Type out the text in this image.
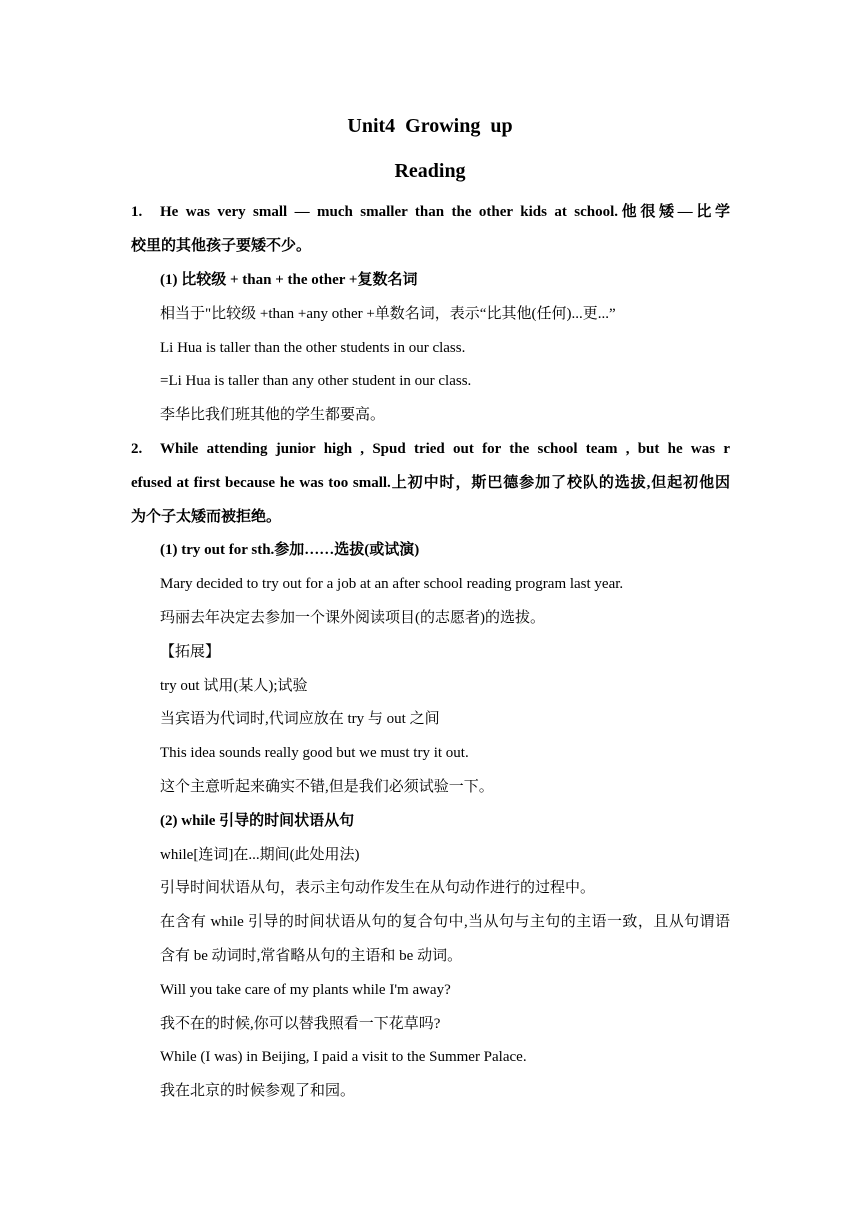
Unit4  Growing  up
Reading
1. He was very small — much smaller than the other kids at school.他很矮—比学
校里的其他孩子要矮不少。
(1) 比较级 + than + the other +复数名词
相当于"比较级 +than +any other +单数名词，表示“比其他(任何)...更...”
Li Hua is taller than the other students in our class.
=Li Hua is taller than any other student in our class.
李华比我们班其他的学生都要高。
2. While attending junior high , Spud tried out for the school team , but he was r
efused at first because he was too small.上初中时，斯巴德参加了校队的选拔,但起初他因
为个子太矮而被拒绝。
(1) try out for sth.参加……选拔(或试演)
Mary decided to try out for a job at an after school reading program last year.
玛丽去年决定去参加一个课外阅读项目(的志愿者)的选拔。
【拓展】
try out 试用(某人);试验
当宾语为代词时,代词应放在 try 与 out 之间
This idea sounds really good but we must try it out.
这个主意听起来确实不错,但是我们必须试验一下。
(2) while 引导的时间状语从句
while[连词]在...期间(此处用法)
引导时间状语从句，表示主句动作发生在从句动作进行的过程中。
在含有 while 引导的时间状语从句的复合句中,当从句与主句的主语一致，且从句谓语
含有 be 动词时,常省略从句的主语和 be 动词。
Will you take care of my plants while I'm away?
我不在的时候,你可以替我照看一下花草吗?
While (I was) in Beijing, I paid a visit to the Summer Palace.
我在北京的时候参观了和园。
